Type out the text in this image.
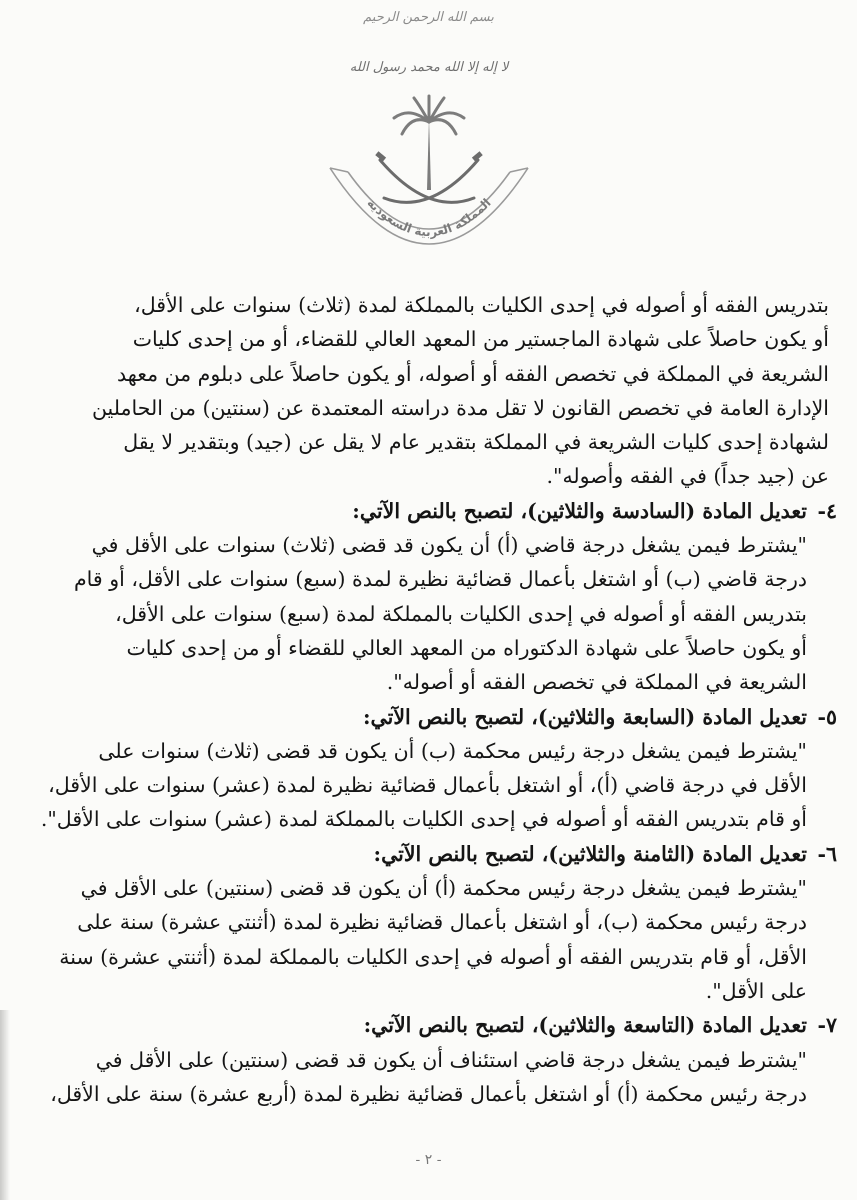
بسم الله الرحمن الرحيم
لا إله إلا الله محمد رسول الله
المملكة العربية السعودية
بتدريس الفقه أو أصوله في إحدى الكليات بالمملكة لمدة (ثلاث) سنوات على الأقل،
أو يكون حاصلاً على شهادة الماجستير من المعهد العالي للقضاء، أو من إحدى كليات
الشريعة في المملكة في تخصص الفقه أو أصوله، أو يكون حاصلاً على دبلوم من معهد
الإدارة العامة في تخصص القانون لا تقل مدة دراسته المعتمدة عن (سنتين) من الحاملين
لشهادة إحدى كليات الشريعة في المملكة بتقدير عام لا يقل عن (جيد) وبتقدير لا يقل
عن (جيد جداً) في الفقه وأصوله".
٤-
تعديل المادة (السادسة والثلاثين)، لتصبح بالنص الآتي:
"يشترط فيمن يشغل درجة قاضي (أ) أن يكون قد قضى (ثلاث) سنوات على الأقل في
درجة قاضي (ب) أو اشتغل بأعمال قضائية نظيرة لمدة (سبع) سنوات على الأقل، أو قام
بتدريس الفقه أو أصوله في إحدى الكليات بالمملكة لمدة (سبع) سنوات على الأقل،
أو يكون حاصلاً على شهادة الدكتوراه من المعهد العالي للقضاء أو من إحدى كليات
الشريعة في المملكة في تخصص الفقه أو أصوله".
٥-
تعديل المادة (السابعة والثلاثين)، لتصبح بالنص الآتي:
"يشترط فيمن يشغل درجة رئيس محكمة (ب) أن يكون قد قضى (ثلاث) سنوات على
الأقل في درجة قاضي (أ)، أو اشتغل بأعمال قضائية نظيرة لمدة (عشر) سنوات على الأقل،
أو قام بتدريس الفقه أو أصوله في إحدى الكليات بالمملكة لمدة (عشر) سنوات على الأقل".
٦-
تعديل المادة (الثامنة والثلاثين)، لتصبح بالنص الآتي:
"يشترط فيمن يشغل درجة رئيس محكمة (أ) أن يكون قد قضى (سنتين) على الأقل في
درجة رئيس محكمة (ب)، أو اشتغل بأعمال قضائية نظيرة لمدة (أثنتي عشرة) سنة على
الأقل، أو قام بتدريس الفقه أو أصوله في إحدى الكليات بالمملكة لمدة (أثنتي عشرة) سنة
على الأقل".
٧-
تعديل المادة (التاسعة والثلاثين)، لتصبح بالنص الآتي:
"يشترط فيمن يشغل درجة قاضي استئناف أن يكون قد قضى (سنتين) على الأقل في
درجة رئيس محكمة (أ) أو اشتغل بأعمال قضائية نظيرة لمدة (أربع عشرة) سنة على الأقل،
- ٢ -
